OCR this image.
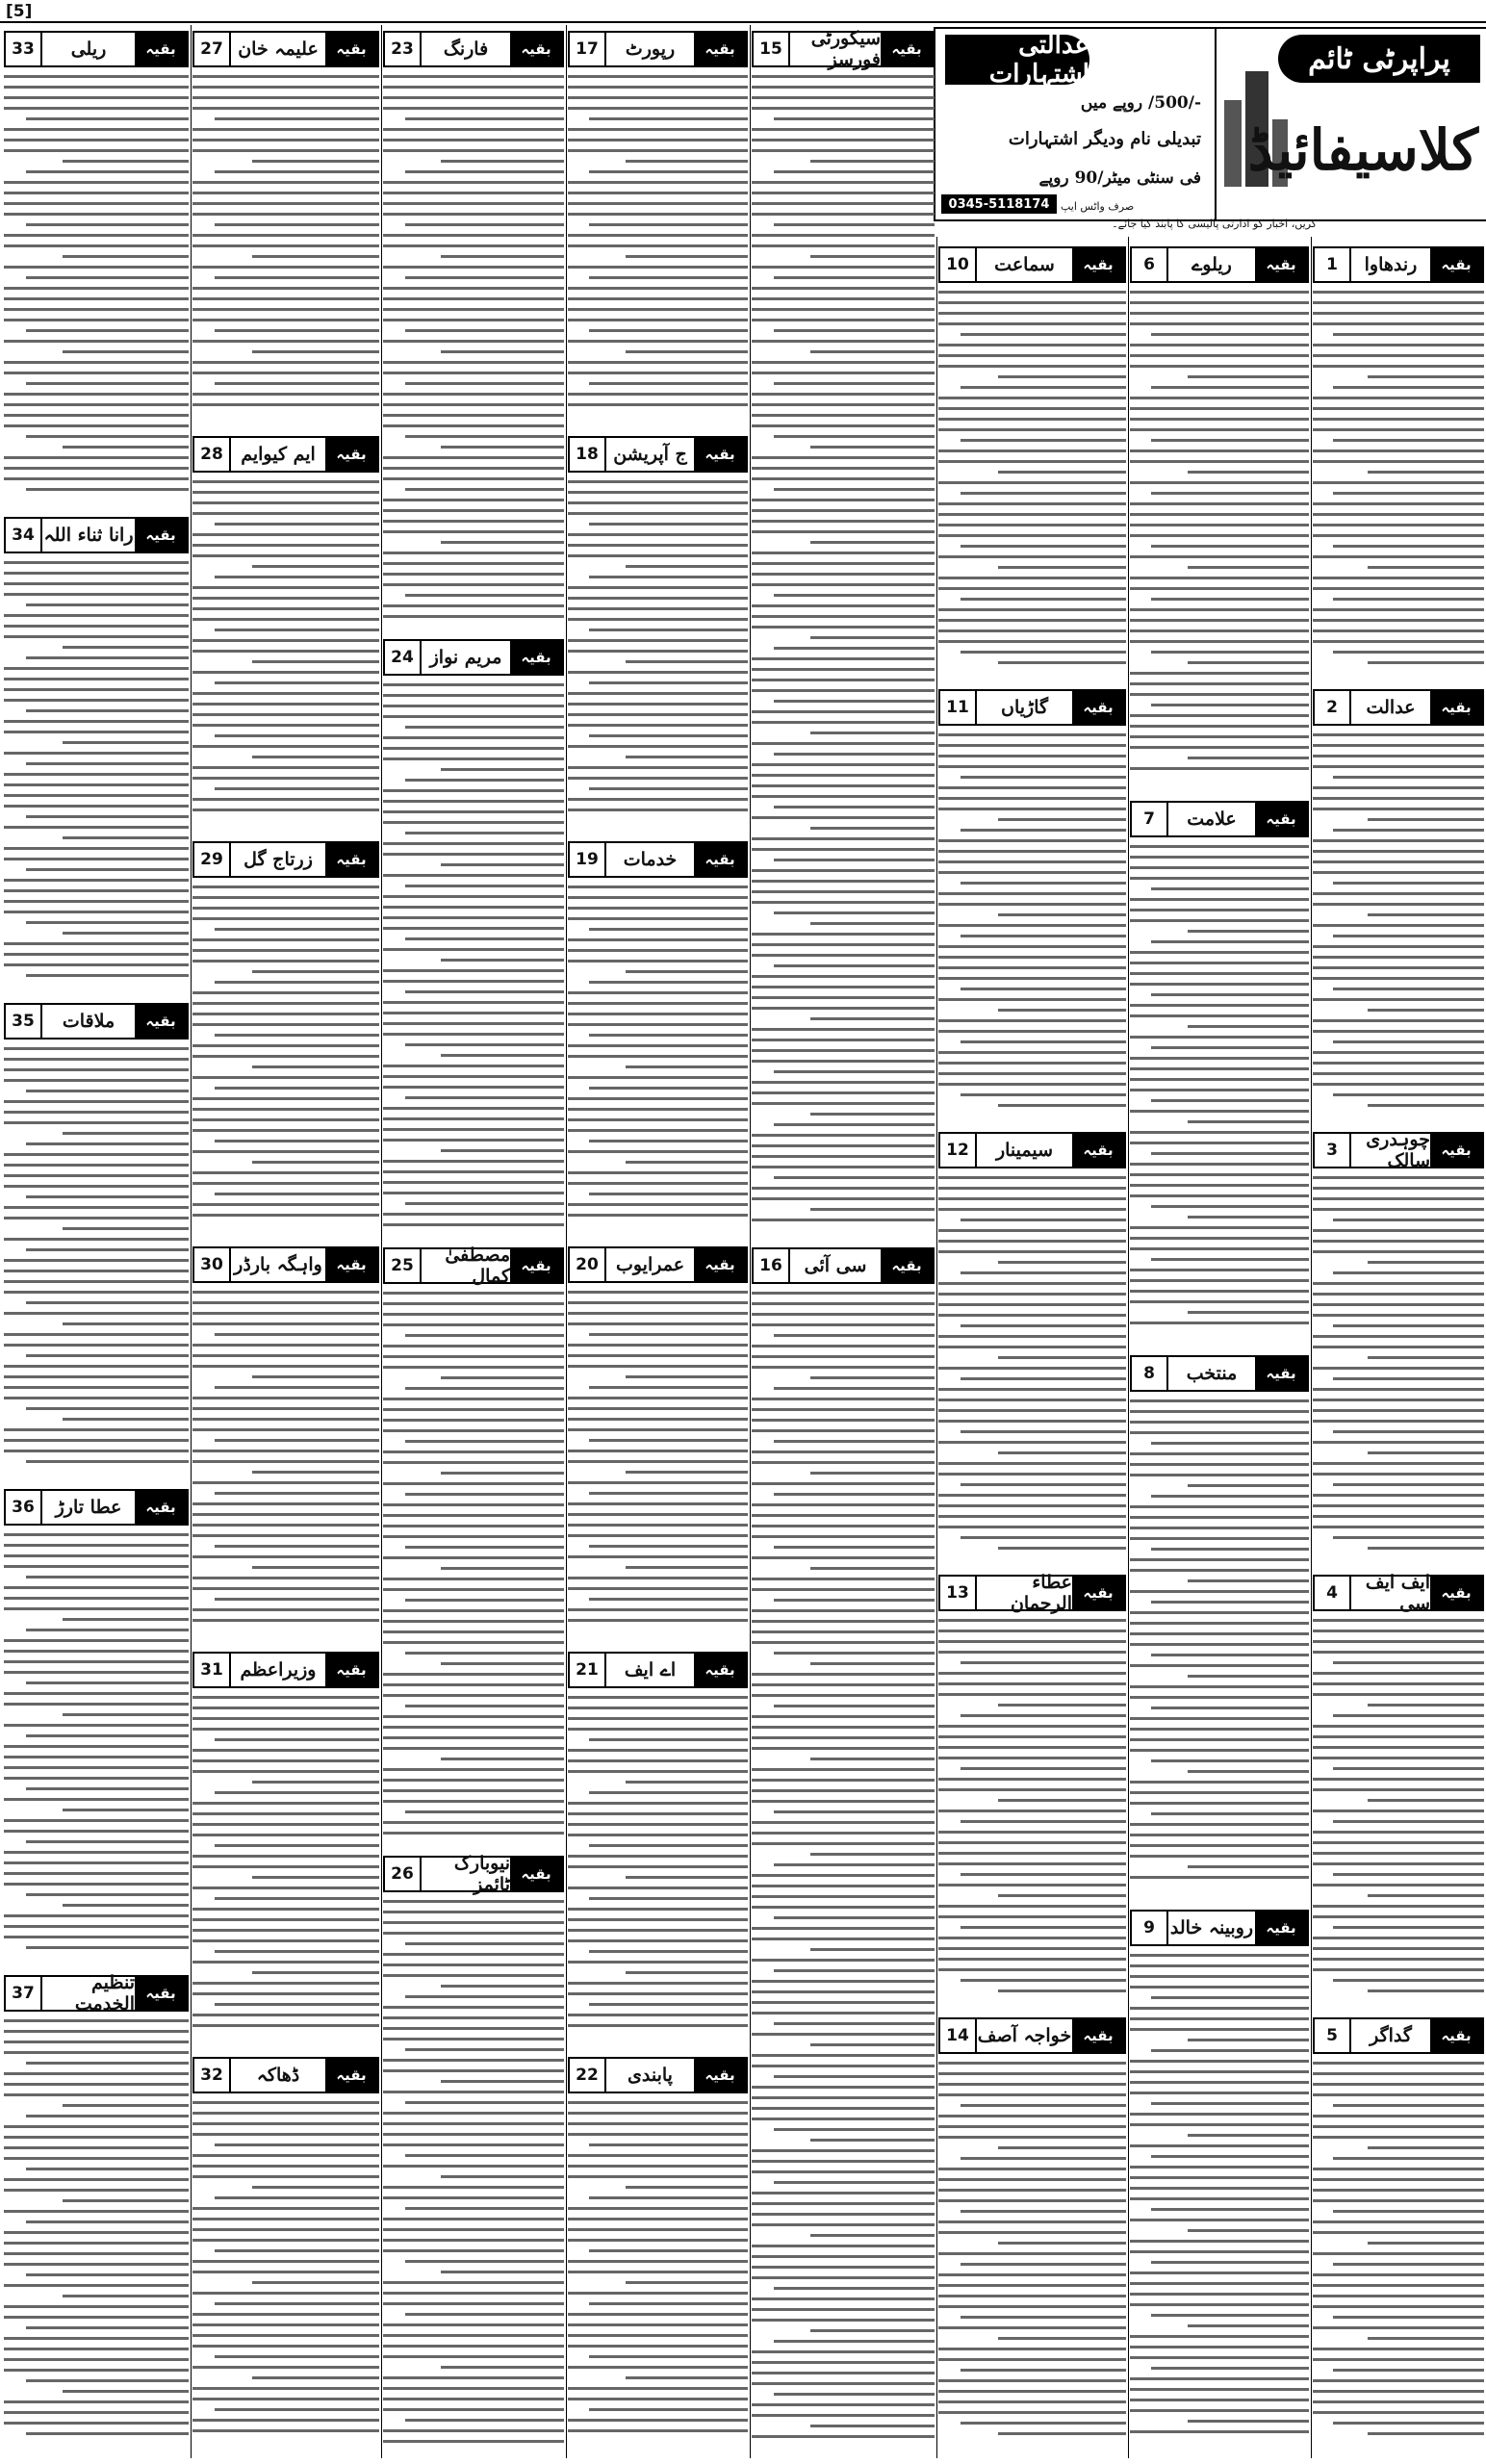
[5]
عدالتی اشتہارات
-/500/ روپے میں
تبدیلی نام ودیگر اشتہارات
فی سنٹی میٹر/90 روپے
0345-5118174	صرف واٹس ایپ
پراپرٹی ٹائم
کلاسیفائیڈ
کریں، اخبار کو ادارتی پالیسی کا پابند کیا جائے۔
1	رندھاوا	بقیہ
2	عدالت	بقیہ
3	چوہدری سالک بقیہ
4	ایف ایف سی بقیہ
5	گداگر	بقیہ
6	ریلوے	بقیہ
7	علامت	بقیہ
8	منتخب	بقیہ
9 روبینہ خالد بقیہ
10	سماعت	بقیہ
11	گاڑیاں	بقیہ
12	سیمینار	بقیہ
13	عطاء الرحمان بقیہ
14 خواجہ آصف بقیہ
15	سیکورٹی فورسز بقیہ
16	سی آئی	بقیہ
17	رپورٹ	بقیہ
18 ج آپریشن	بقیہ
19	خدمات	بقیہ
20 عمرایوب	بقیہ
21	اے ایف	بقیہ
22	پابندی	بقیہ
23	فارنگ	بقیہ
24 مریم نواز	بقیہ
25	مصطفیٰ کمال بقیہ
26	نیوبارک ٹائمز بقیہ
27 علیمہ خان	بقیہ
28 ایم کیوایم	بقیہ
29	زرتاج گل	بقیہ
30 واہگہ بارڈر بقیہ
31 وزیراعظم	بقیہ
32	ڈھاکہ	بقیہ
33	ریلی	بقیہ
34 رانا ثناء اللہ بقیہ
35	ملاقات	بقیہ
36	عطا تارڑ	بقیہ
37	تنظیم الخدمت بقیہ
